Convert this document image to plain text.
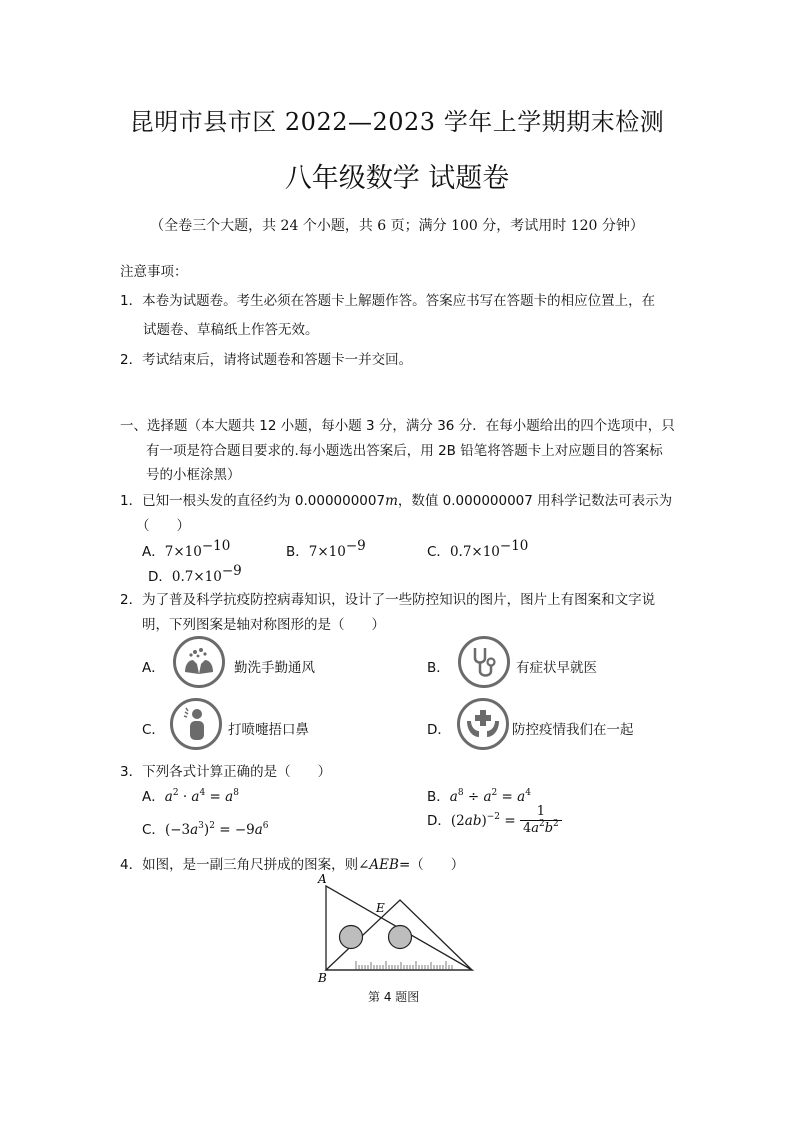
昆明市县市区 2022—2023 学年上学期期末检测
八年级数学 试题卷
（全卷三个大题，共 24 个小题，共 6 页；满分 100 分，考试用时 120 分钟）
注意事项：
1．本卷为试题卷。考生必须在答题卡上解题作答。答案应书写在答题卡的相应位置上，在
试题卷、草稿纸上作答无效。
2．考试结束后，请将试题卷和答题卡一并交回。
一、选择题（本大题共 12 小题，每小题 3 分，满分 36 分．在每小题给出的四个选项中，只
有一项是符合题目要求的.每小题选出答案后，用 2B 铅笔将答题卡上对应题目的答案标
号的小框涂黑）
1．已知一根头发的直径约为 0.000000007m，数值 0.000000007 用科学记数法可表示为
（　　）
A．$7\times 10^{-10}$	B．$7\times 10^{-9}$	C．$0.7\times 10^{-10}$
D．$0.7\times 10^{-9}$
2．为了普及科学抗疫防控病毒知识，设计了一些防控知识的图片，图片上有图案和文字说
明，下列图案是轴对称图形的是（　　）
A．	勤洗手勤通风	B．	有症状早就医
C．	打喷嚏捂口鼻	D．	防控疫情我们在一起
3．下列各式计算正确的是（　　）
A．$a^2 \cdot a^4 = a^8$	B．$a^8 \div a^2 = a^4$
C．$(-3a^3)^2 = -9a^6$	D．$(2ab)^{-2} = \frac{1}{4a^2b^2}$
4．如图，是一副三角尺拼成的图案，则∠AEB=（　　）
A
B
E
第 4 题图
